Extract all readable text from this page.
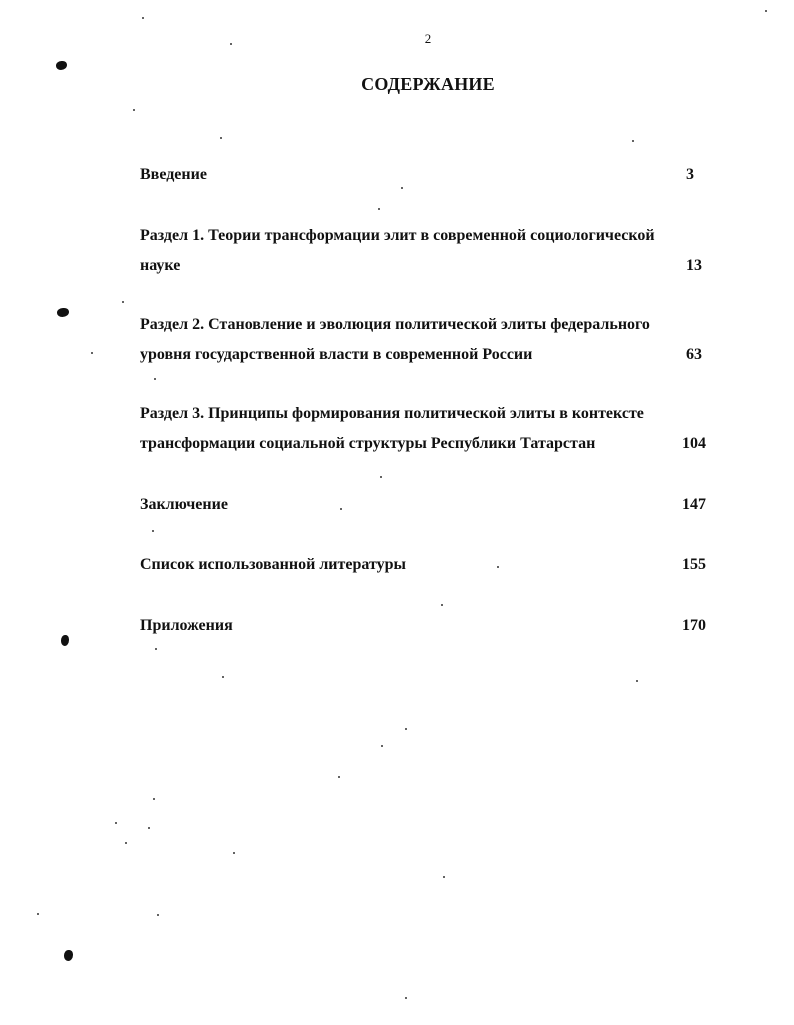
2
СОДЕРЖАНИЕ
Введение	3
Раздел 1. Теории трансформации элит в современной социологической
науке	13
Раздел 2. Становление и эволюция политической элиты федерального
уровня государственной власти в современной России	63
Раздел 3. Принципы формирования политической элиты в контексте
трансформации социальной структуры Республики Татарстан	104
Заключение	147
Список использованной литературы	155
Приложения	170
